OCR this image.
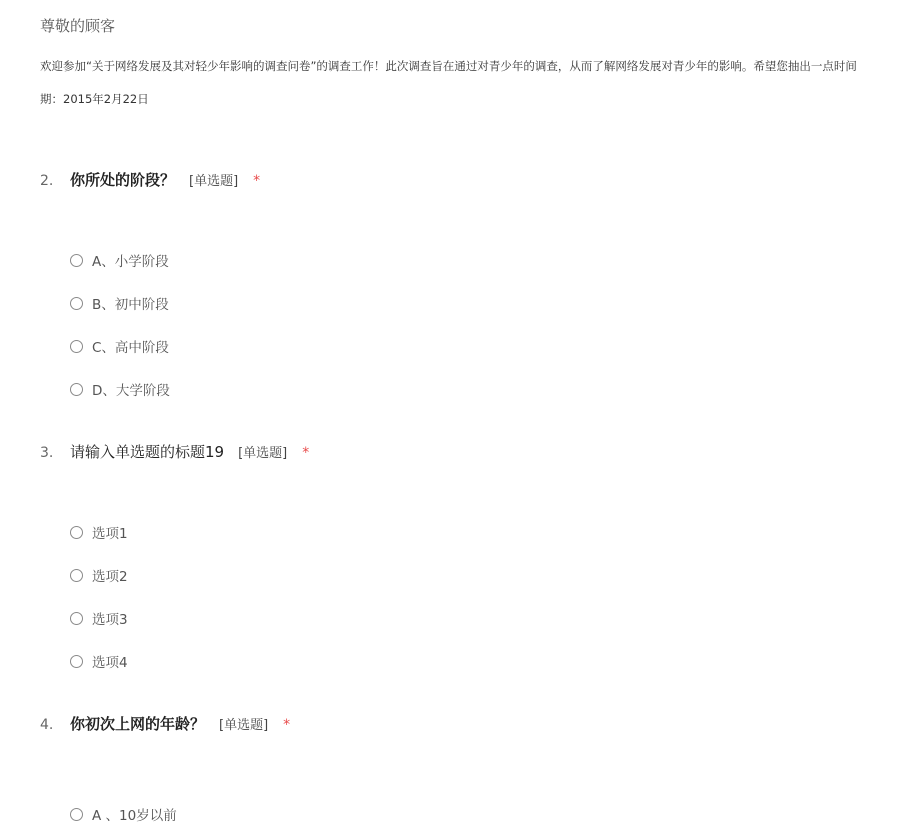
尊敬的顾客
欢迎参加“关于网络发展及其对轻少年影响的调查问卷”的调查工作！此次调查旨在通过对青少年的调查，从而了解网络发展对青少年的影响。希望您抽出一点时间
期：2015年2月22日
2.	你所处的阶段？ [单选题] *
A、小学阶段
B、初中阶段
C、高中阶段
D、大学阶段
3.	请输入单选题的标题19 [单选题] *
选项1
选项2
选项3
选项4
4.	你初次上网的年龄？ [单选题] *
A 、10岁以前
